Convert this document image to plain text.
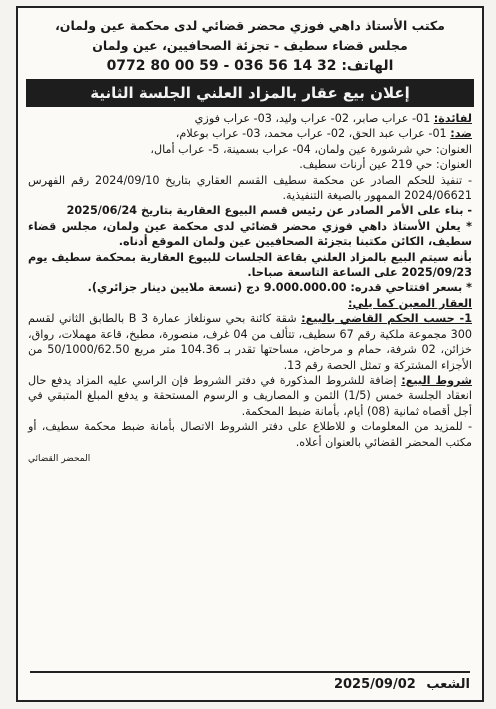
مكتب الأستاذ داهي فوزي محضر قضائي لدى محكمة عين ولمان،
مجلس قضاء سطيف - تجزئة الصحافيين، عين ولمان
0772 80 00 59 - 036 56 14 32 الهاتف:
إعلان بيع عقار بالمزاد العلني الجلسة الثانية

لفائدة: 01- عراب صابر، 02- عراب وليد، 03- عراب فوزي

ضد: 01- عراب عبد الحق، 02- عراب محمد، 03- عراب بوعلام،

العنوان: حي شرشورة عين ولمان، 04- عراب بسمينة، 5- عراب أمال،

العنوان: حي 219 عين أرنات سطيف.

- تنفيذ للحكم الصادر عن محكمة سطيف القسم العقاري بتاريخ 2024/09/10 رقم الفهرس 2024/06621 الممهور بالصيغة التنفيذية.

- بناء على الأمر الصادر عن رئيس قسم البيوع العقارية بتاريخ 2025/06/24

* يعلن الأستاذ داهي فوزي محضر قضائي لدى محكمة عين ولمان، مجلس قضاء سطيف، الكائن مكتبنا بتجزئة الصحافيين عين ولمان الموقع أدناه.

بأنه سيتم البيع بالمزاد العلني بقاعة الجلسات للبيوع العقارية بمحكمة سطيف يوم 2025/09/23 على الساعة التاسعة صباحا.

* بسعر افتتاحي قدره: 9.000.000.00 دج (تسعة ملايين دينار جزائري).

العقار المعين كما يلي:

1- حسب الحكم القاضي بالبيع: شقة كائنة بحي سونلغاز عمارة 3 B بالطابق الثاني لقسم 300 مجموعة ملكية رقم 67 سطيف، تتألف من 04 غرف، منصورة، مطبخ، قاعة مهملات، رواق، خزائن، 02 شرفة، حمام و مرحاض، مساحتها تقدر بـ 104.36 متر مربع 50/1000/62.50 من الأجزاء المشتركة و تمثل الحصة رقم 13.

شروط البيع: إضافة للشروط المذكورة في دفتر الشروط فإن الراسي عليه المزاد يدفع حال انعقاد الجلسة خمس (1/5) الثمن و المصاريف و الرسوم المستحقة و يدفع المبلغ المتبقي في أجل أقصاه ثمانية (08) أيام، بأمانة ضبط المحكمة.

- للمزيد من المعلومات و للاطلاع على دفتر الشروط الاتصال بأمانة ضبط محكمة سطيف، أو مكتب المحضر القضائي بالعنوان أعلاه.

المحضر القضائي
الشعب 2025/09/02
